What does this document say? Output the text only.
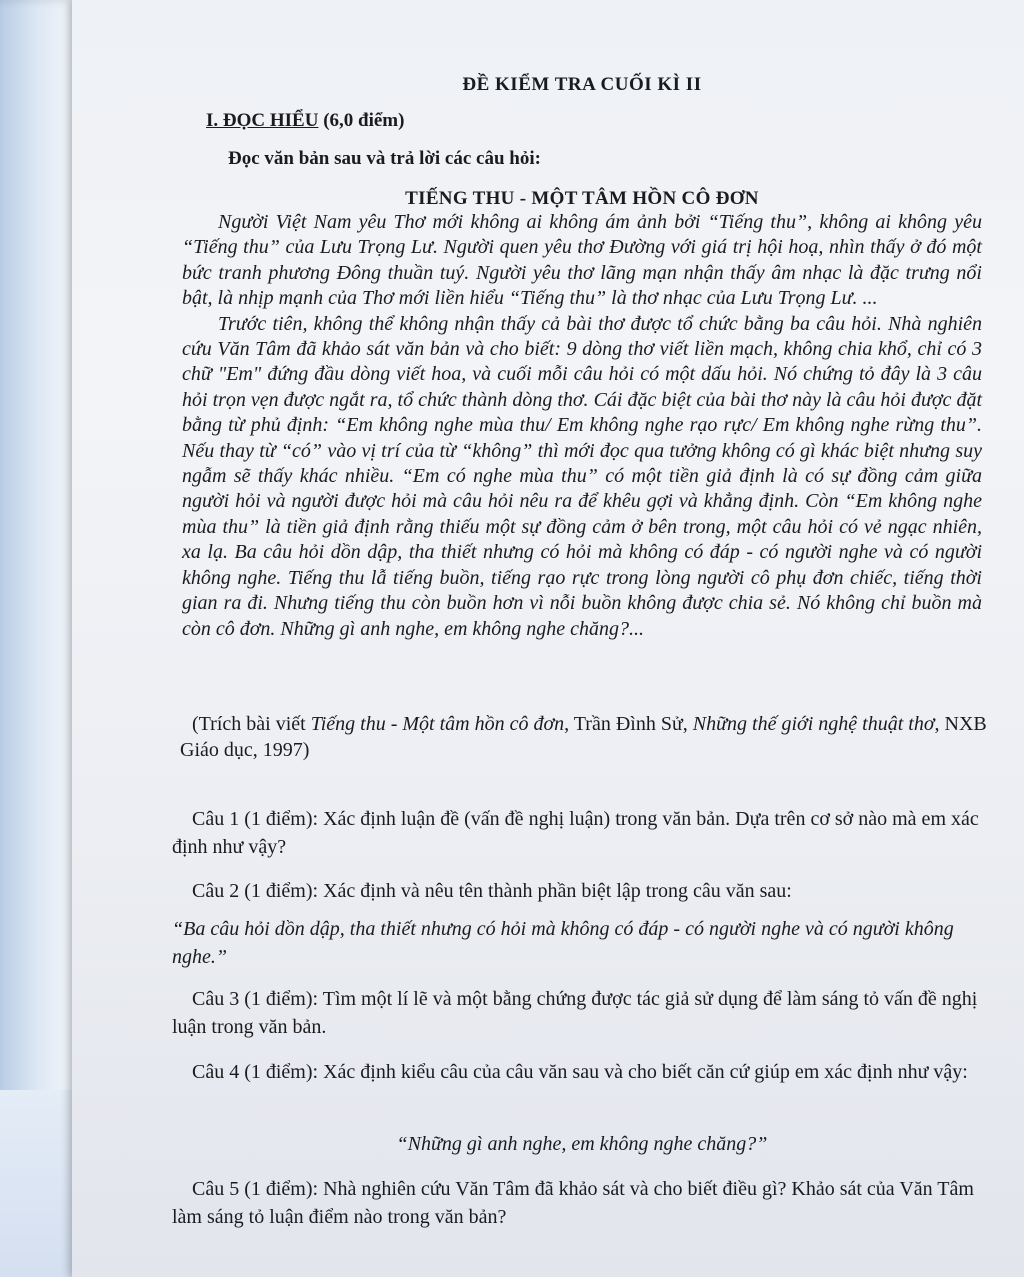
ĐỀ KIỂM TRA CUỐI KÌ II
I. ĐỌC HIỂU (6,0 điểm)
Đọc văn bản sau và trả lời các câu hỏi:
TIẾNG THU - MỘT TÂM HỒN CÔ ĐƠN

Người Việt Nam yêu Thơ mới không ai không ám ảnh bởi “Tiếng thu”, không ai không yêu “Tiếng thu” của Lưu Trọng Lư. Người quen yêu thơ Đường với giá trị hội hoạ, nhìn thấy ở đó một bức tranh phương Đông thuần tuý. Người yêu thơ lãng mạn nhận thấy âm nhạc là đặc trưng nổi bật, là nhịp mạnh của Thơ mới liền hiểu “Tiếng thu” là thơ nhạc của Lưu Trọng Lư. ...

Trước tiên, không thể không nhận thấy cả bài thơ được tổ chức bằng ba câu hỏi. Nhà nghiên cứu Văn Tâm đã khảo sát văn bản và cho biết: 9 dòng thơ viết liền mạch, không chia khổ, chỉ có 3 chữ "Em" đứng đầu dòng viết hoa, và cuối mỗi câu hỏi có một dấu hỏi. Nó chứng tỏ đây là 3 câu hỏi trọn vẹn được ngắt ra, tổ chức thành dòng thơ. Cái đặc biệt của bài thơ này là câu hỏi được đặt bằng từ phủ định: “Em không nghe mùa thu/ Em không nghe rạo rực/ Em không nghe rừng thu”. Nếu thay từ “có” vào vị trí của từ “không” thì mới đọc qua tưởng không có gì khác biệt nhưng suy ngẫm sẽ thấy khác nhiều. “Em có nghe mùa thu” có một tiền giả định là có sự đồng cảm giữa người hỏi và người được hỏi mà câu hỏi nêu ra để khêu gợi và khẳng định. Còn “Em không nghe mùa thu” là tiền giả định rằng thiếu một sự đồng cảm ở bên trong, một câu hỏi có vẻ ngạc nhiên, xa lạ. Ba câu hỏi dồn dập, tha thiết nhưng có hỏi mà không có đáp - có người nghe và có người không nghe. Tiếng thu lẫ tiếng buồn, tiếng rạo rực trong lòng người cô phụ đơn chiếc, tiếng thời gian ra đi. Nhưng tiếng thu còn buồn hơn vì nỗi buồn không được chia sẻ. Nó không chỉ buồn mà còn cô đơn. Những gì anh nghe, em không nghe chăng?...

(Trích bài viết Tiếng thu - Một tâm hồn cô đơn, Trần Đình Sử, Những thế giới nghệ thuật thơ, NXB Giáo dục, 1997)
Câu 1 (1 điểm): Xác định luận đề (vấn đề nghị luận) trong văn bản. Dựa trên cơ sở nào mà em xác định như vậy?
Câu 2 (1 điểm): Xác định và nêu tên thành phần biệt lập trong câu văn sau:
“Ba câu hỏi dồn dập, tha thiết nhưng có hỏi mà không có đáp - có người nghe và có người không nghe.”
Câu 3 (1 điểm): Tìm một lí lẽ và một bằng chứng được tác giả sử dụng để làm sáng tỏ vấn đề nghị luận trong văn bản.
Câu 4 (1 điểm): Xác định kiểu câu của câu văn sau và cho biết căn cứ giúp em xác định như vậy:
“Những gì anh nghe, em không nghe chăng?”
Câu 5 (1 điểm): Nhà nghiên cứu Văn Tâm đã khảo sát và cho biết điều gì? Khảo sát của Văn Tâm làm sáng tỏ luận điểm nào trong văn bản?
